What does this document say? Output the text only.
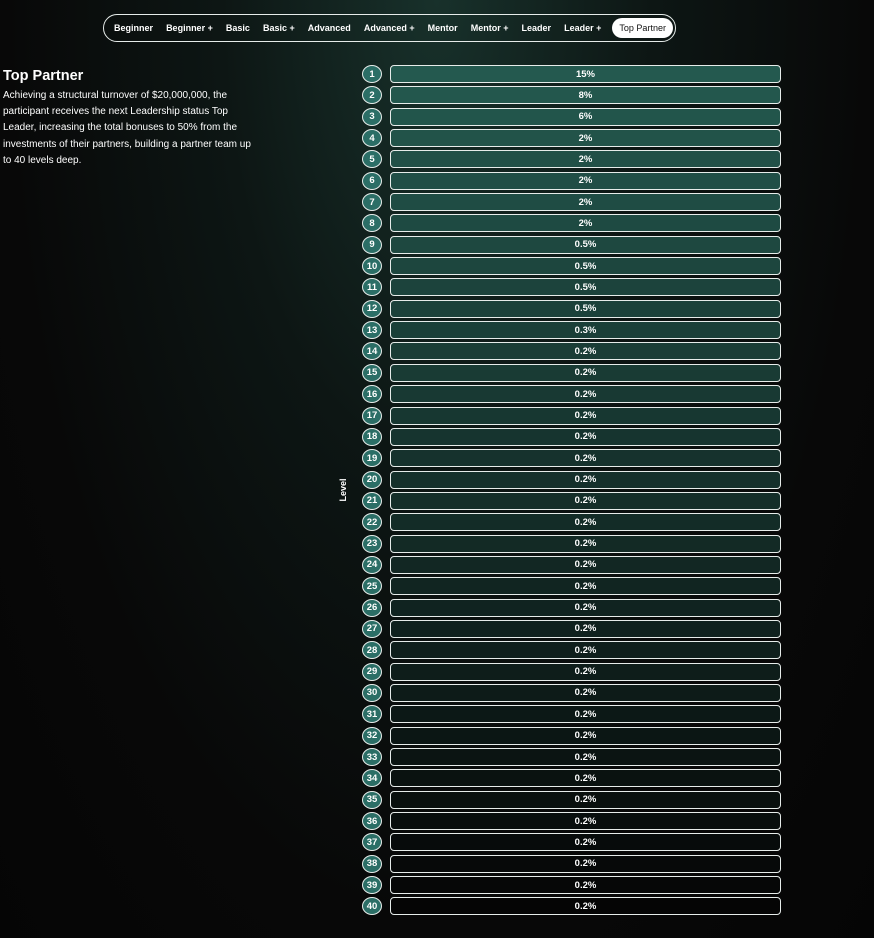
Beginner Beginner + Basic Basic + Advanced Advanced + Mentor Mentor + Leader Leader +	Top Partner
Top Partner

Achieving a structural turnover of $20,000,000, the participant receives the next Leadership status Top Leader, increasing the total bonuses to 50% from the investments of their partners, building a partner team up to 40 levels deep.

Level
1	15%
2	8%
3	6%
4	2%
5	2%
6	2%
7	2%
8	2%
9	0.5%
10	0.5%
11	0.5%
12	0.5%
13	0.3%
14	0.2%
15	0.2%
16	0.2%
17	0.2%
18	0.2%
19	0.2%
20	0.2%
21	0.2%
22	0.2%
23	0.2%
24	0.2%
25	0.2%
26	0.2%
27	0.2%
28	0.2%
29	0.2%
30	0.2%
31	0.2%
32	0.2%
33	0.2%
34	0.2%
35	0.2%
36	0.2%
37	0.2%
38	0.2%
39	0.2%
40	0.2%
